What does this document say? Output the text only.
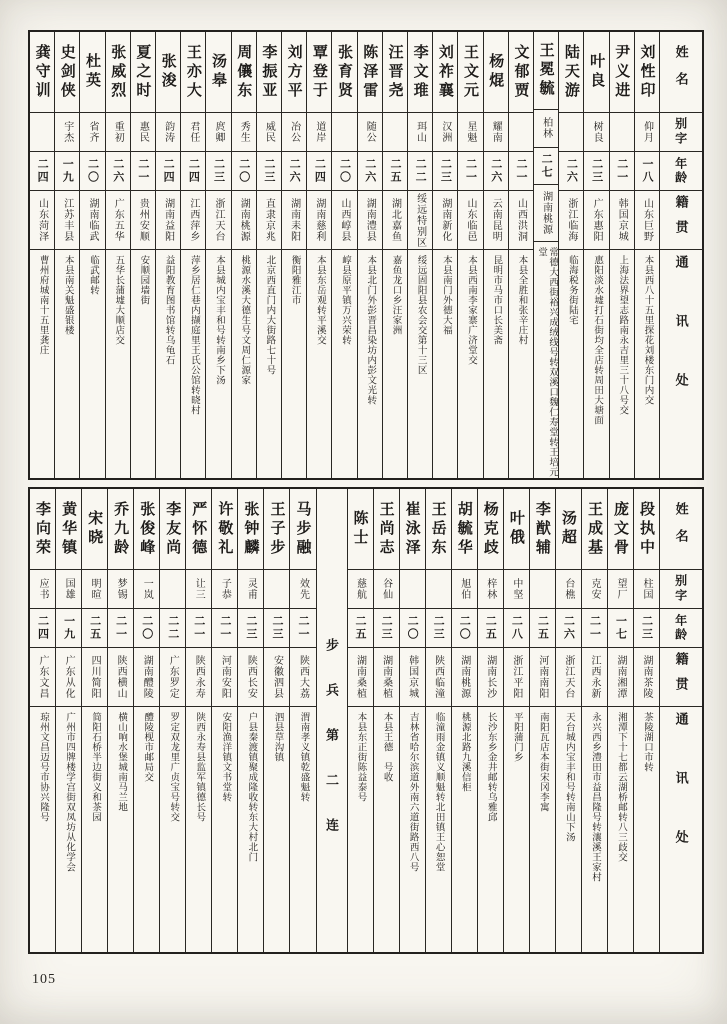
龚守训
二四
山东菏泽
曹州府城南十五里龚庄
史剑侠
宇杰
一九
江苏丰县
本县南关魁盛银楼
杜英
省齐
二〇
湖南临武
临武邮转
张威烈
重初
二六
广东五华
五华长蒲墟大顺店交
夏之时
惠民
二一
贵州安顺
安顺园墙街
张浚
韵涛
二四
湖南益阳
益阳教育图书馆转乌龟石
王亦大
君任
二四
江西萍乡
萍乡居仁巷内撷庭里王氏公馆转晓村
汤皋
庹卿
二三
浙江天台
本县城内宝丰和号转南乡下汤
周儴东
秀生
二〇
湖南桃源
桃源水溪大德生号文周仁源家
李振亚
威民
二三
直隶京兆
北京西直门内大街路七十号
刘方平
冶公
二六
湖南耒阳
衡阳雅江市
覃登于
道岸
二四
湖南慈利
本县东岳观转平溪交
张育贤
二〇
山西崞县
崞县原平镇万兴荣转
陈泽雷
随公
二六
湖南澧县
本县北门外彭晋昌染坊内彭文光转
汪晋尧
二五
湖北嘉鱼
嘉鱼龙口乡汪家洲
李文琟
珥山
二二
绥远特别区
绥远固阳县农会交第十三区
刘祚襄
汉洲
二三
湖南新化
本县南门外德大福
王文元
星魁
二一
山东临邑
本县西南李家寨广济堂交
杨焜
耀南
二六
云南昆明
昆明市马市口长美斋
文郁贾
二一
山西洪洞
本县全胜和张辛庄村
王冕毓
柏林
二七
湖南桃源
常德大西街裕兴成绒线号转双溪口魏仁寿堂转王培元堂
陆天游
二六
浙江临海
临海税务街陆宅
叶良
树良
二三
广东惠阳
惠阳淡水墟打石街均全店转周田大塘面
尹义进
二一
韩国京城
上海法界望志路南永吉里三十八号交
刘性印
仰月
一八
山东巨野
本县西八十五里探花刘楼东门内交
姓名
别字
年龄
籍贯
通讯处
李向荣
应书
二四
广东文昌
琼州文昌迈号市协兴隆号
黄华镇
国雄
一九
广东从化
广州市四牌楼学宫街双凤坊从化学会
宋晓
明暄
二五
四川简阳
简阳石桥半边街义和茶园
乔九龄
梦锡
二一
陕西横山
横山响水堡城南马兰地
张俊峰
一岚
二〇
湖南醴陵
醴陵枧市邮局交
李友尚
二二
广东罗定
罗定双龙里广贞宝号转交
严怀德
让三
二一
陕西永寿
陕西永寿县监军镇德长号
许敬礼
子恭
二一
河南安阳
安阳渔洋镇文书堂转
张钟麟
灵甫
二三
陕西长安
户县秦渡镇聚成隆收转东大村北门
王子步
二三
安徽泗县
泗县草沟镇
马步融
效先
二一
陕西大荔
渭南孝义镇乾盛魁转 步兵第二连
陈士
慈航
二五
湖南桑植
本县东正街陈益泰号
王尚志
谷仙
二三
湖南桑植
本县王德　号收
崔泳泽
二〇
韩国京城
吉林省哈尔滨道外南六道街路西八号
王岳东
二三
陕西临潼
临潼雨金镇义顺魁转北田镇王心恕堂
胡毓华
旭伯
二〇
湖南桃源
桃源北路九溪信柜
杨克歧
梓林
二五
湖南长沙
长沙东乡金井邮转乌雅邱
叶俄
中坚
二八
浙江平阳
平阳蒲门乡
李猷辅
二五
河南南阳
南阳瓦店本街宋冈李寓
汤超
台樵
二六
浙江天台
天台城内宝丰和号转南山下汤
王成基
克安
二一
江西永新
永兴西乡澧田市益昌隆号转瀼溪王家村
庞文骨
望厂
一七
湖南湘潭
湘潭下十七都云湖桥邮转八三歧交
段执中
柱国
二三
湖南茶陵
茶陵湖口市转
姓名
别字
年龄
籍贯
通讯处
105
